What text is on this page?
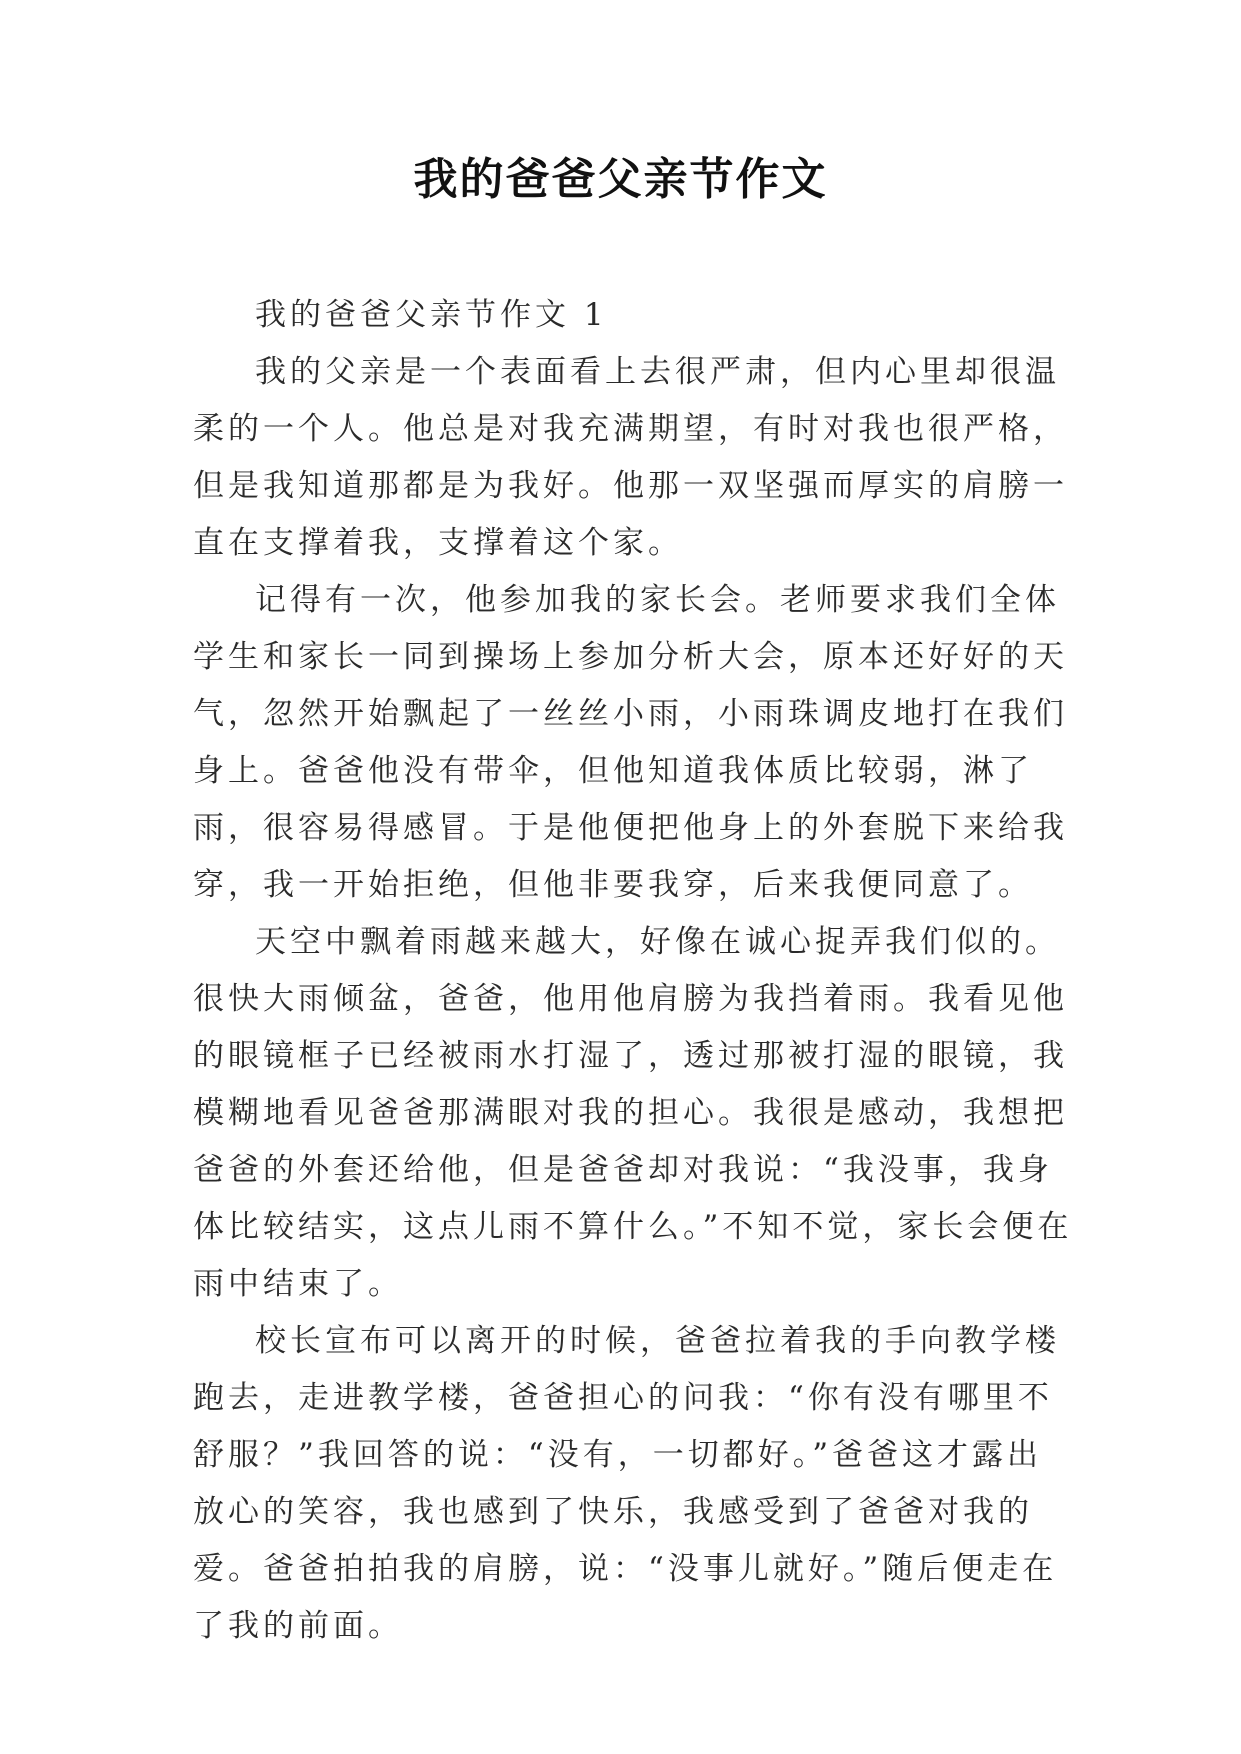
我的爸爸父亲节作文

我的爸爸父亲节作文 1

我的父亲是一个表面看上去很严肃，但内心里却很温柔的一个人。他总是对我充满期望，有时对我也很严格，但是我知道那都是为我好。他那一双坚强而厚实的肩膀一直在支撑着我，支撑着这个家。

记得有一次，他参加我的家长会。老师要求我们全体学生和家长一同到操场上参加分析大会，原本还好好的天气，忽然开始飘起了一丝丝小雨，小雨珠调皮地打在我们身上。爸爸他没有带伞，但他知道我体质比较弱，淋了雨，很容易得感冒。于是他便把他身上的外套脱下来给我穿，我一开始拒绝，但他非要我穿，后来我便同意了。

天空中飘着雨越来越大，好像在诚心捉弄我们似的。很快大雨倾盆，爸爸，他用他肩膀为我挡着雨。我看见他的眼镜框子已经被雨水打湿了，透过那被打湿的眼镜，我模糊地看见爸爸那满眼对我的担心。我很是感动，我想把爸爸的外套还给他，但是爸爸却对我说：“我没事，我身体比较结实，这点儿雨不算什么。”不知不觉，家长会便在雨中结束了。

校长宣布可以离开的时候，爸爸拉着我的手向教学楼跑去，走进教学楼，爸爸担心的问我：“你有没有哪里不舒服？”我回答的说：“没有，一切都好。”爸爸这才露出放心的笑容，我也感到了快乐，我感受到了爸爸对我的爱。爸爸拍拍我的肩膀，说：“没事儿就好。”随后便走在了我的前面。
